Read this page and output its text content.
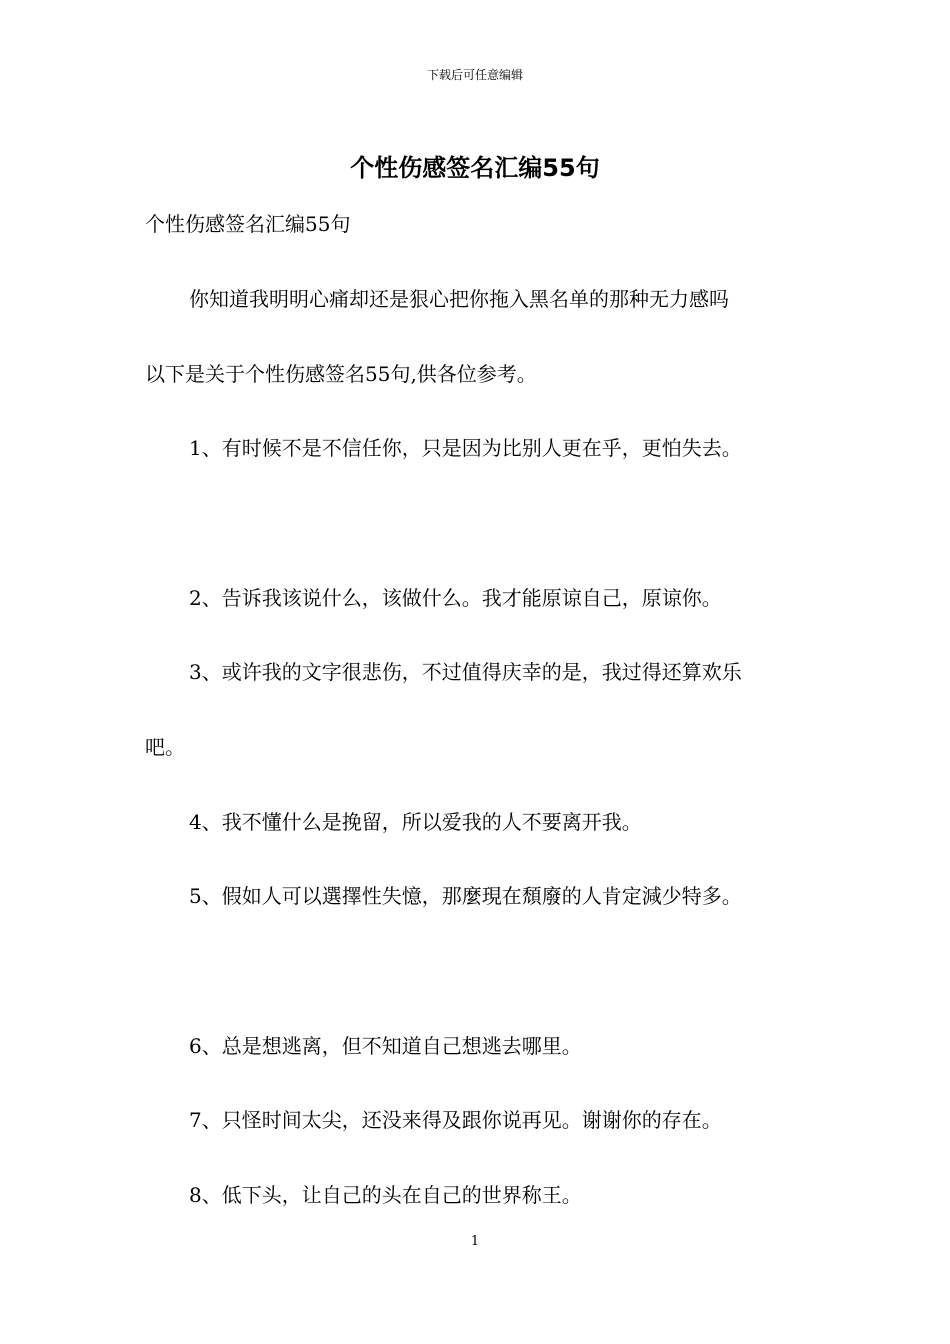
下载后可任意编辑
个性伤感签名汇编55句
个性伤感签名汇编55句
你知道我明明心痛却还是狠心把你拖入黑名单的那种无力感吗
以下是关于个性伤感签名55句,供各位参考。
1、有时候不是不信任你，只是因为比别人更在乎，更怕失去。
2、告诉我该说什么，该做什么。我才能原谅自己，原谅你。
3、或许我的文字很悲伤，不过值得庆幸的是，我过得还算欢乐
吧。
4、我不懂什么是挽留，所以爱我的人不要离开我。
5、假如人可以選擇性失憶，那麼現在頹廢的人肯定減少特多。
6、总是想逃离，但不知道自己想逃去哪里。
7、只怪时间太尖，还没来得及跟你说再见。谢谢你的存在。
8、低下头，让自己的头在自己的世界称王。
1
